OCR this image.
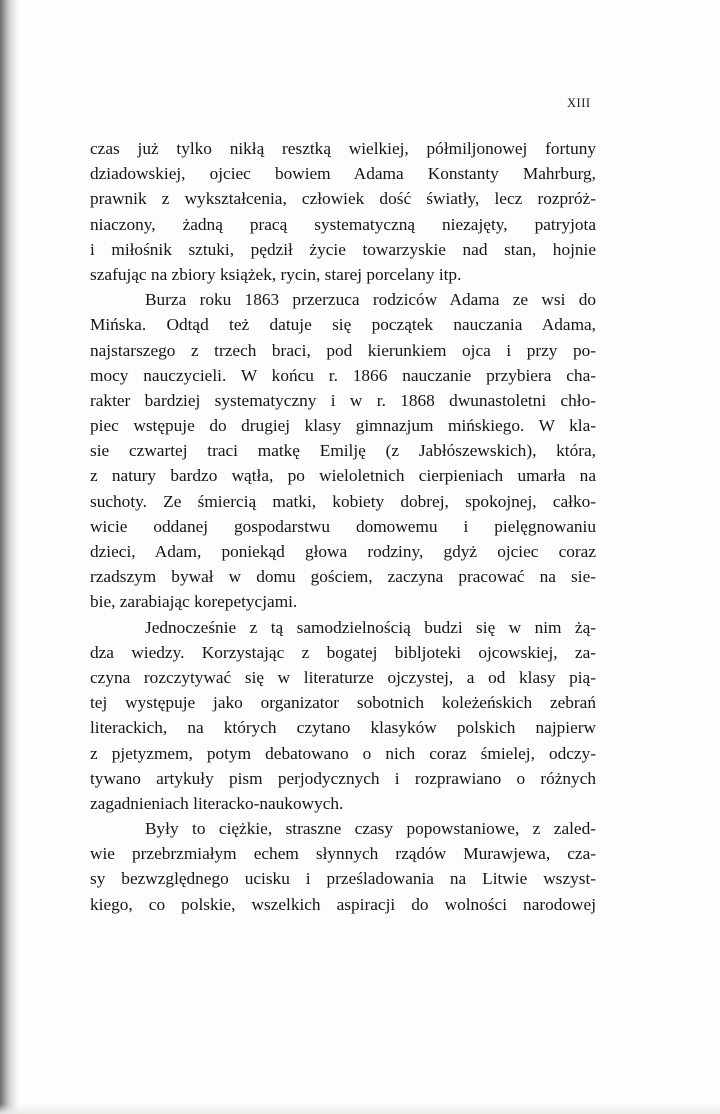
XIII
czas już tylko nikłą resztką wielkiej, półmiljonowej fortuny
dziadowskiej, ojciec bowiem Adama Konstanty Mahrburg,
prawnik z wykształcenia, człowiek dość światły, lecz rozpróż-
niaczony, żadną pracą systematyczną niezajęty, patryjota
i miłośnik sztuki, pędził życie towarzyskie nad stan, hojnie
szafując na zbiory książek, rycin, starej porcelany itp.
Burza roku 1863 przerzuca rodziców Adama ze wsi do
Mińska. Odtąd też datuje się początek nauczania Adama,
najstarszego z trzech braci, pod kierunkiem ojca i przy po-
mocy nauczycieli. W końcu r. 1866 nauczanie przybiera cha-
rakter bardziej systematyczny i w r. 1868 dwunastoletni chło-
piec wstępuje do drugiej klasy gimnazjum mińskiego. W kla-
sie czwartej traci matkę Emilję (z Jabłószewskich), która,
z natury bardzo wątła, po wieloletnich cierpieniach umarła na
suchoty. Ze śmiercią matki, kobiety dobrej, spokojnej, całko-
wicie oddanej gospodarstwu domowemu i pielęgnowaniu
dzieci, Adam, poniekąd głowa rodziny, gdyż ojciec coraz
rzadszym bywał w domu gościem, zaczyna pracować na sie-
bie, zarabiając korepetycjami.
Jednocześnie z tą samodzielnością budzi się w nim żą-
dza wiedzy. Korzystając z bogatej bibljoteki ojcowskiej, za-
czyna rozczytywać się w literaturze ojczystej, a od klasy pią-
tej występuje jako organizator sobotnich koleżeńskich zebrań
literackich, na których czytano klasyków polskich najpierw
z pjetyzmem, potym debatowano o nich coraz śmielej, odczy-
tywano artykuły pism perjodycznych i rozprawiano o różnych
zagadnieniach literacko-naukowych.
Były to ciężkie, straszne czasy popowstaniowe, z zaled-
wie przebrzmiałym echem słynnych rządów Murawjewa, cza-
sy bezwzględnego ucisku i prześladowania na Litwie wszyst-
kiego, co polskie, wszelkich aspiracji do wolności narodowej
